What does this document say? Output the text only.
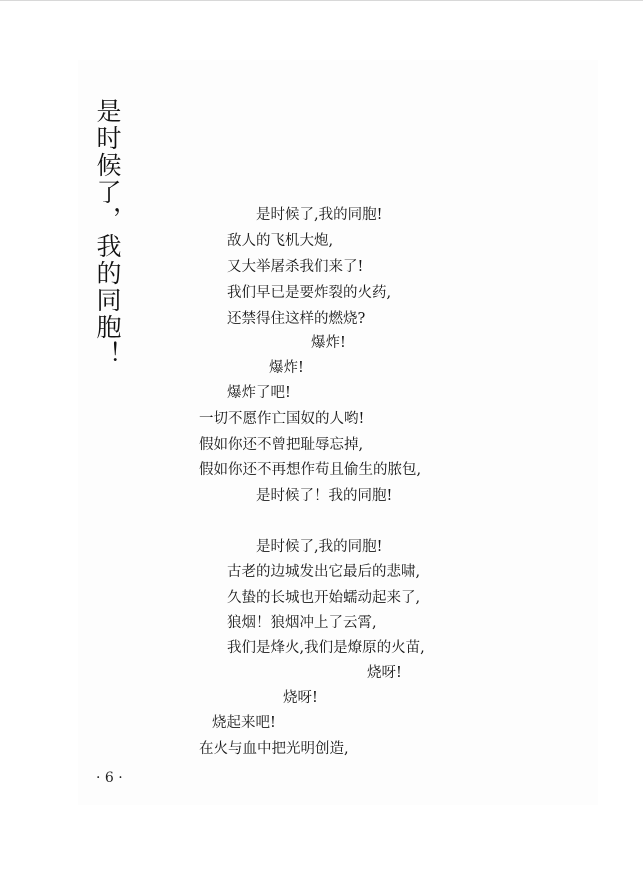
是时候了，我的同胞！	是时候了,我的同胞!
敌人的飞机大炮,
又大举屠杀我们来了!
我们早已是要炸裂的火药,
还禁得住这样的燃烧?
爆炸!
爆炸!
爆炸了吧!
一切不愿作亡国奴的人哟!
假如你还不曾把耻辱忘掉,
假如你还不再想作苟且偷生的脓包,
是时候了！我的同胞!
是时候了,我的同胞!
古老的边城发出它最后的悲啸,
久蛰的长城也开始蠕动起来了,
狼烟！狼烟冲上了云霄,
我们是烽火,我们是燎原的火苗,
烧呀!
烧呀!
烧起来吧!
在火与血中把光明创造,
· 6 ·
